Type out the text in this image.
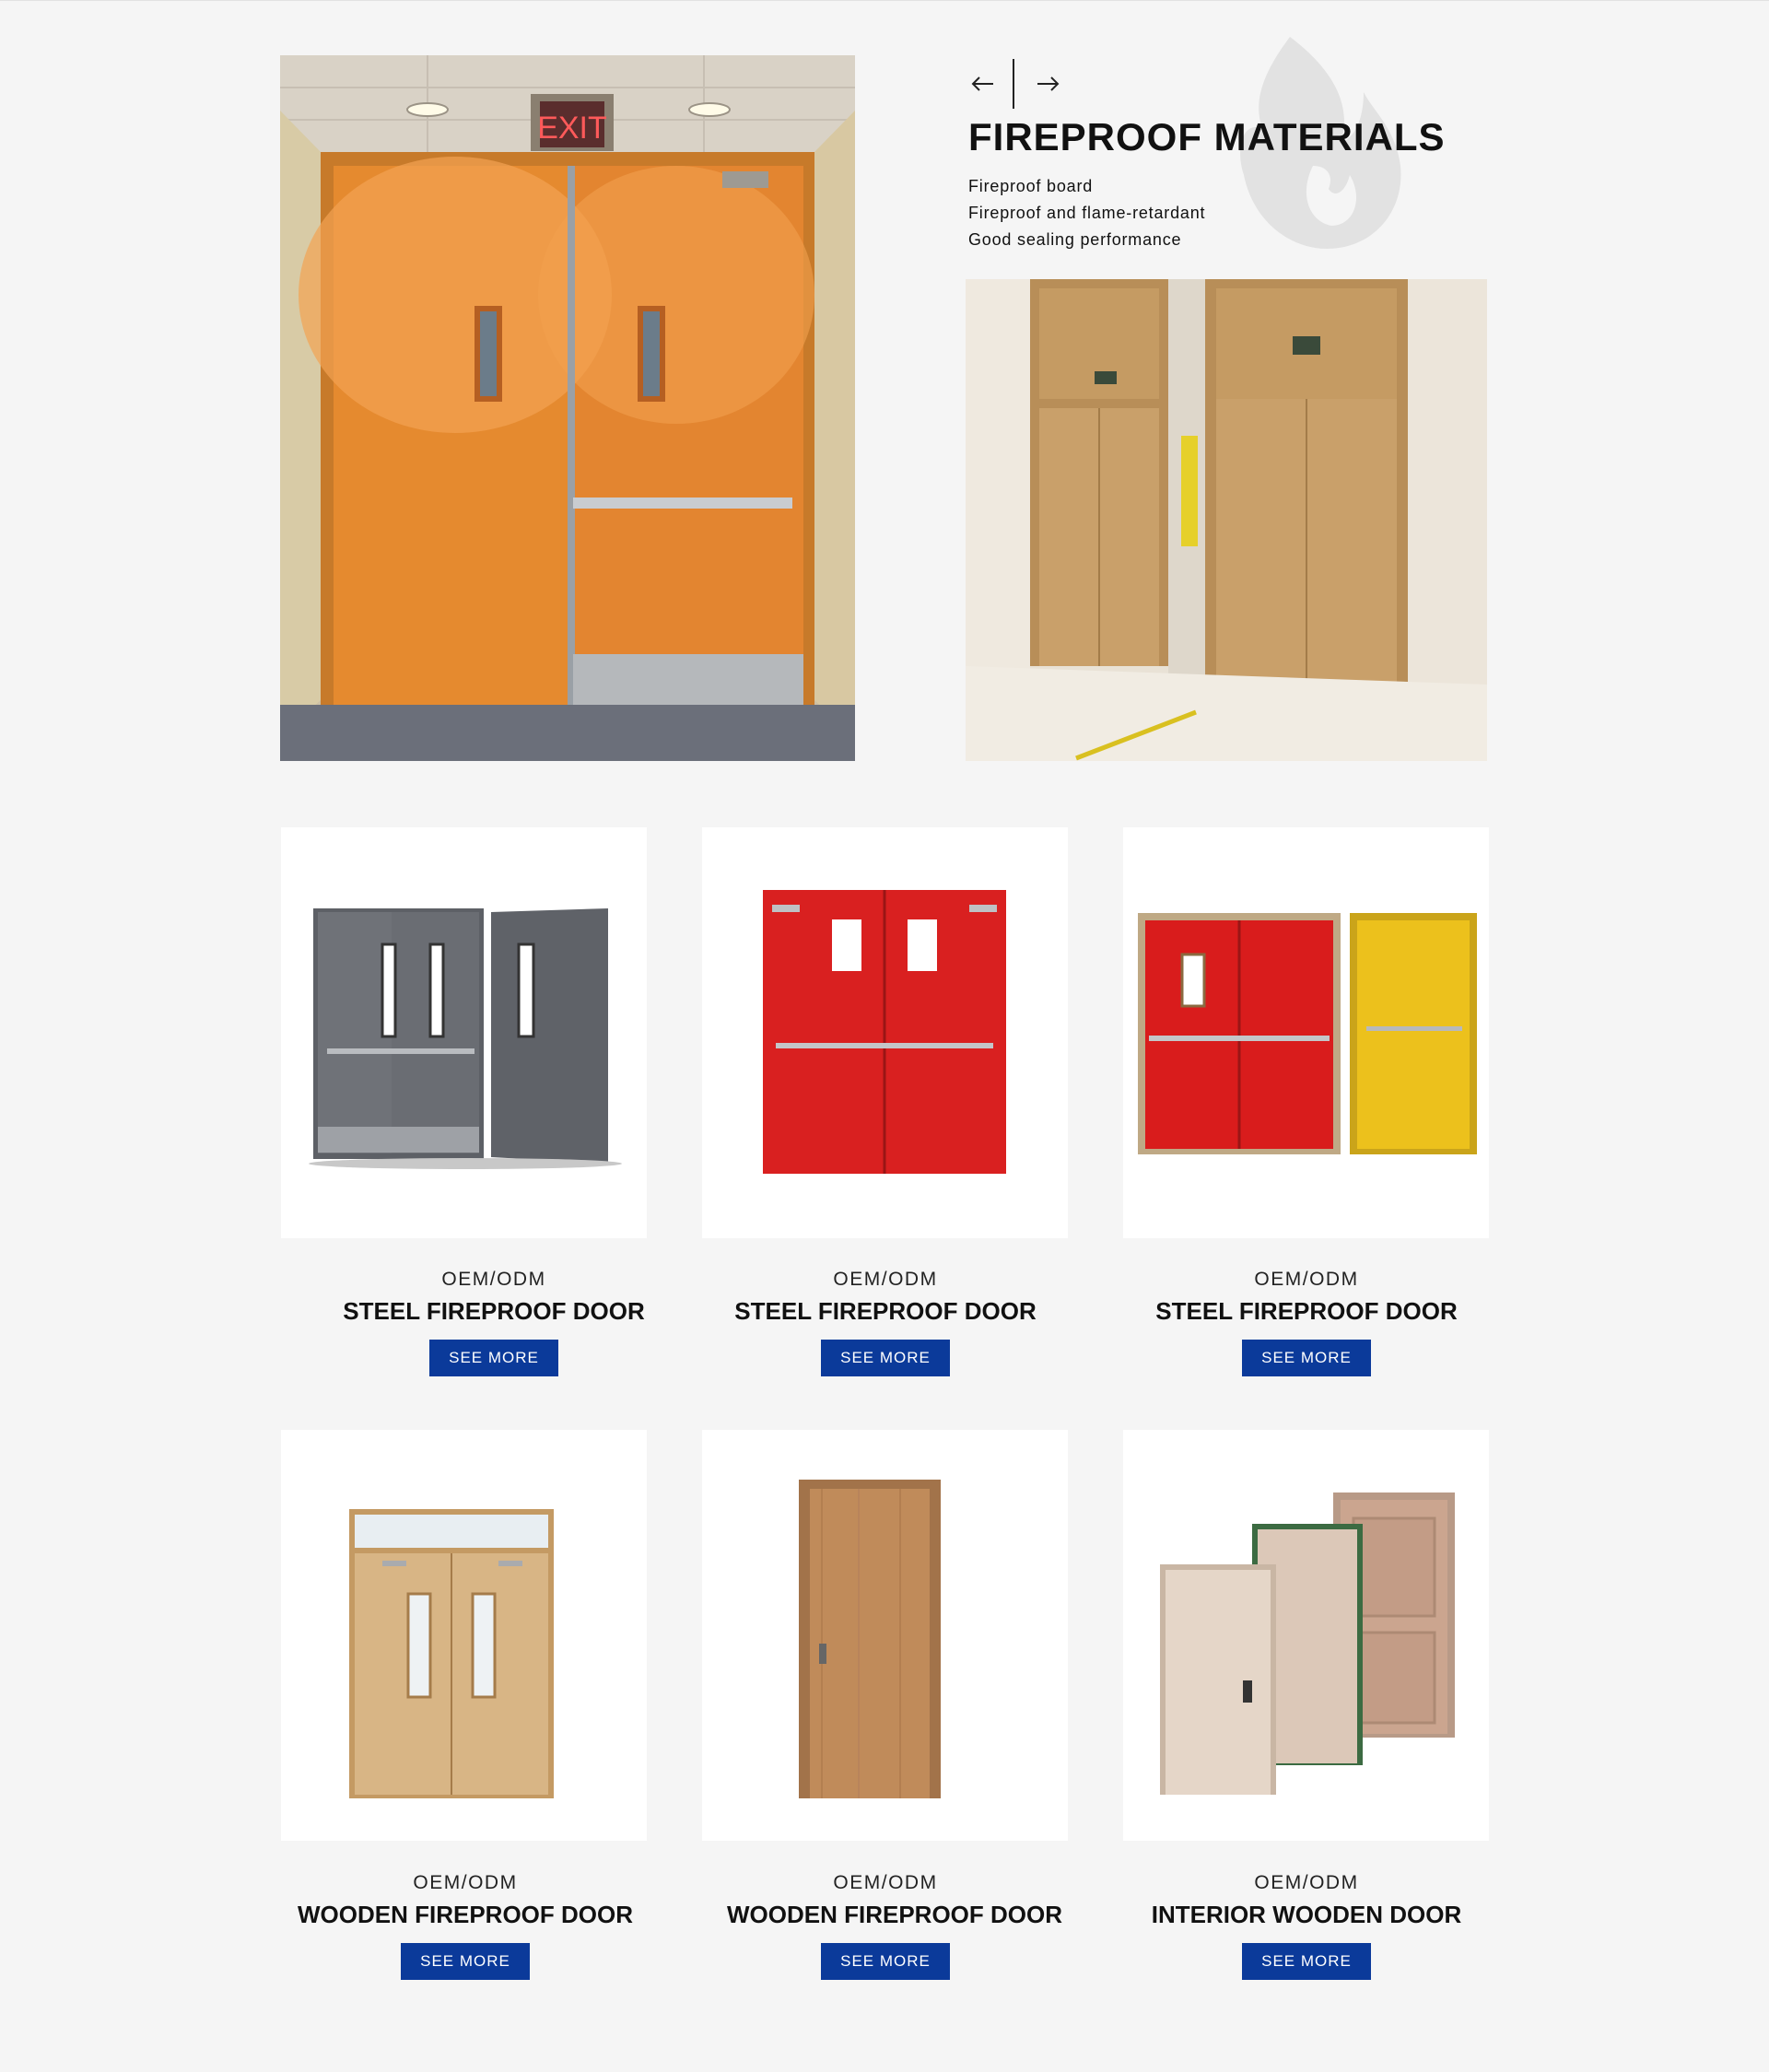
EXIT	FIREPROOF MATERIALS
Fireproof board
Fireproof and flame-retardant
Good sealing performance
OEM/ODM
STEEL FIREPROOF DOOR
SEE MORE
OEM/ODM
STEEL FIREPROOF DOOR
SEE MORE
OEM/ODM
STEEL FIREPROOF DOOR
SEE MORE
OEM/ODM
WOODEN FIREPROOF DOOR
SEE MORE
OEM/ODM
WOODEN FIREPROOF DOOR
SEE MORE
OEM/ODM
INTERIOR WOODEN DOOR
SEE MORE
